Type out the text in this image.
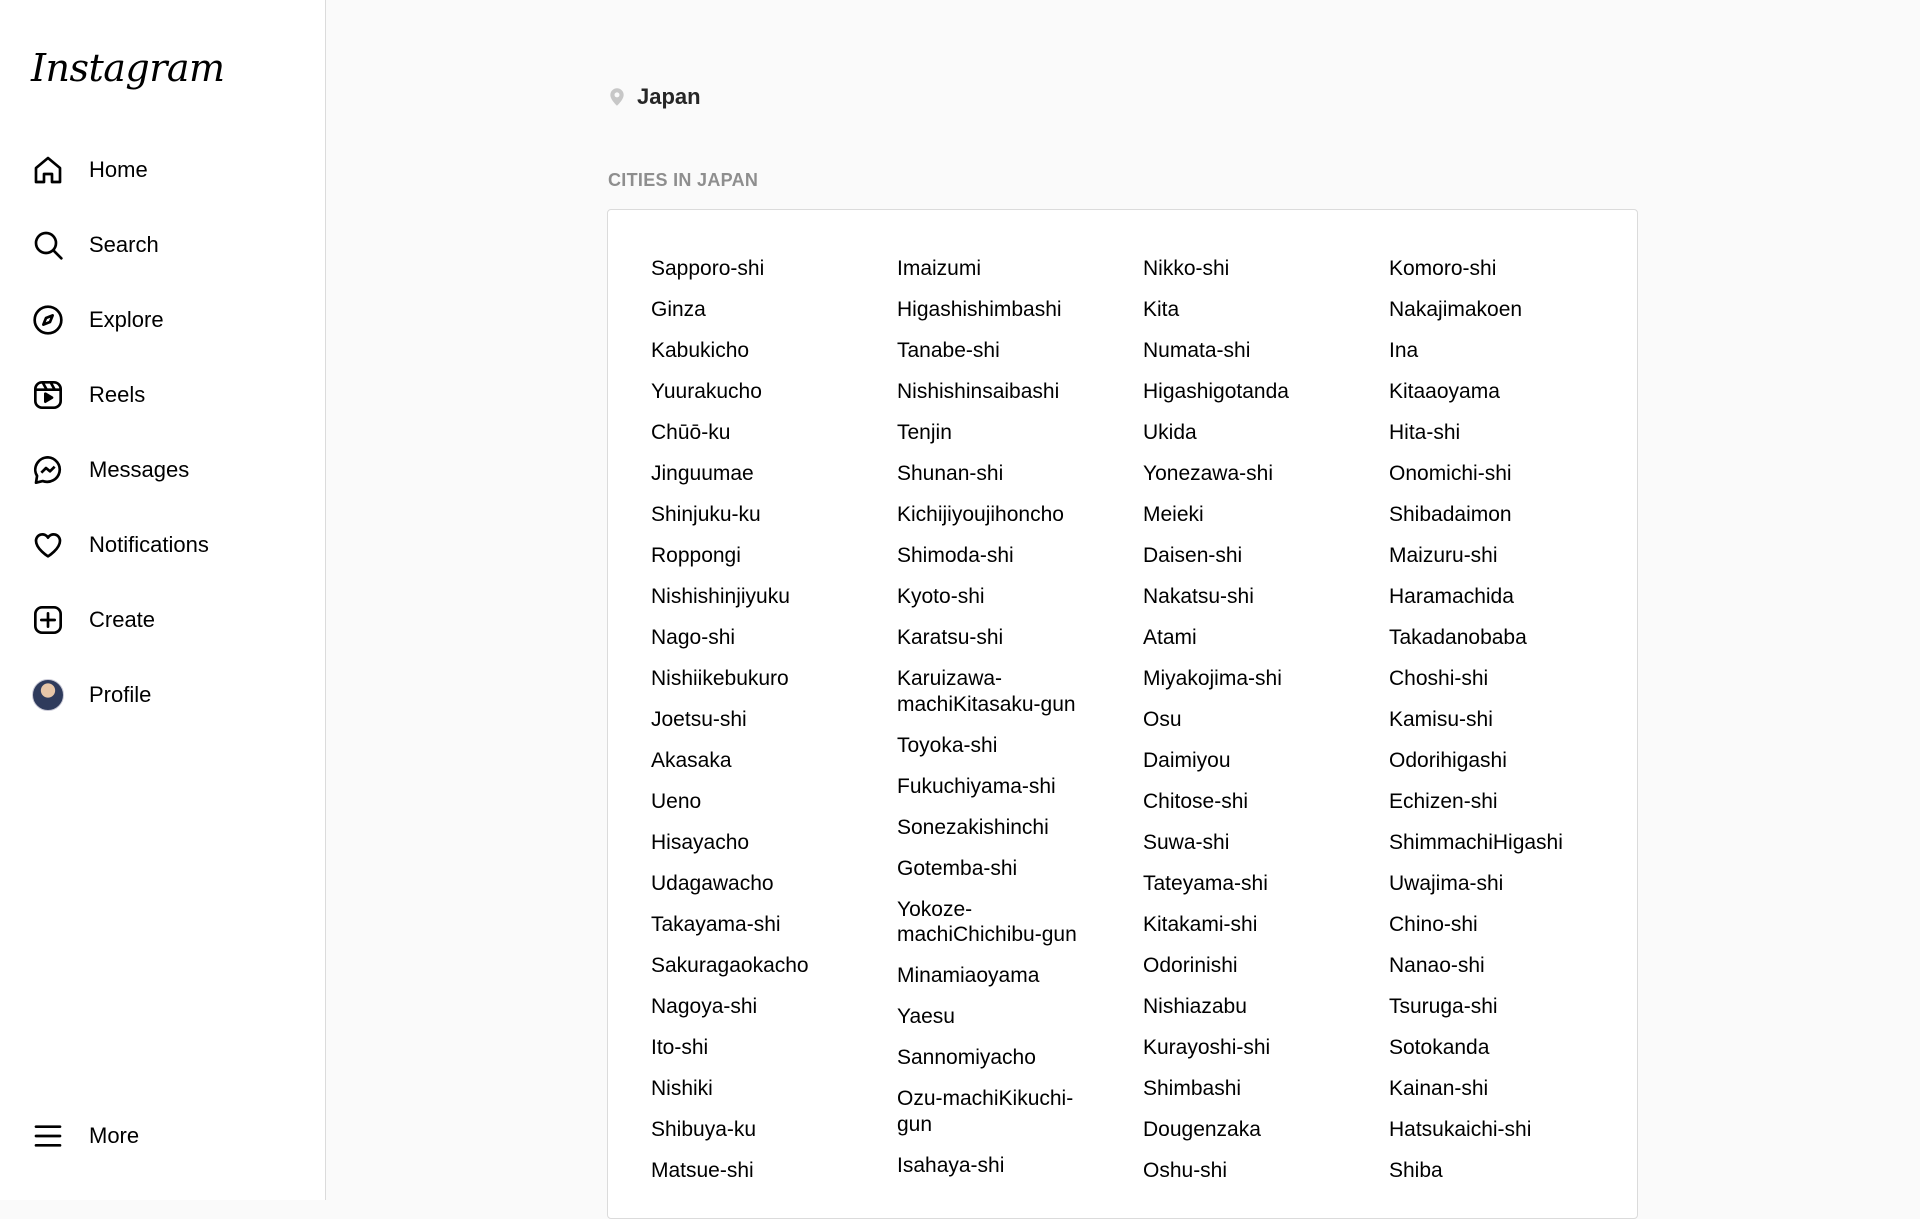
Instagram
Home
Search
Explore
Reels
Messages
Notifications
Create
Profile
More
Japan
CITIES IN JAPAN
Sapporo-shi
Ginza
Kabukicho
Yuurakucho
Chūō-ku
Jinguumae
Shinjuku-ku
Roppongi
Nishishinjiyuku
Nago-shi
Nishiikebukuro
Joetsu-shi
Akasaka
Ueno
Hisayacho
Udagawacho
Takayama-shi
Sakuragaokacho
Nagoya-shi
Ito-shi
Nishiki
Shibuya-ku
Matsue-shi
Imaizumi
Higashishimbashi
Tanabe-shi
Nishishinsaibashi
Tenjin
Shunan-shi
Kichijiyoujihoncho
Shimoda-shi
Kyoto-shi
Karatsu-shi
Karuizawa-machiKitasaku-gun
Toyoka-shi
Fukuchiyama-shi
Sonezakishinchi
Gotemba-shi
Yokoze-machiChichibu-gun
Minamiaoyama
Yaesu
Sannomiyacho
Ozu-machiKikuchi-gun
Isahaya-shi
Nikko-shi
Kita
Numata-shi
Higashigotanda
Ukida
Yonezawa-shi
Meieki
Daisen-shi
Nakatsu-shi
Atami
Miyakojima-shi
Osu
Daimiyou
Chitose-shi
Suwa-shi
Tateyama-shi
Kitakami-shi
Odorinishi
Nishiazabu
Kurayoshi-shi
Shimbashi
Dougenzaka
Oshu-shi
Komoro-shi
Nakajimakoen
Ina
Kitaaoyama
Hita-shi
Onomichi-shi
Shibadaimon
Maizuru-shi
Haramachida
Takadanobaba
Choshi-shi
Kamisu-shi
Odorihigashi
Echizen-shi
ShimmachiHigashi
Uwajima-shi
Chino-shi
Nanao-shi
Tsuruga-shi
Sotokanda
Kainan-shi
Hatsukaichi-shi
Shiba
